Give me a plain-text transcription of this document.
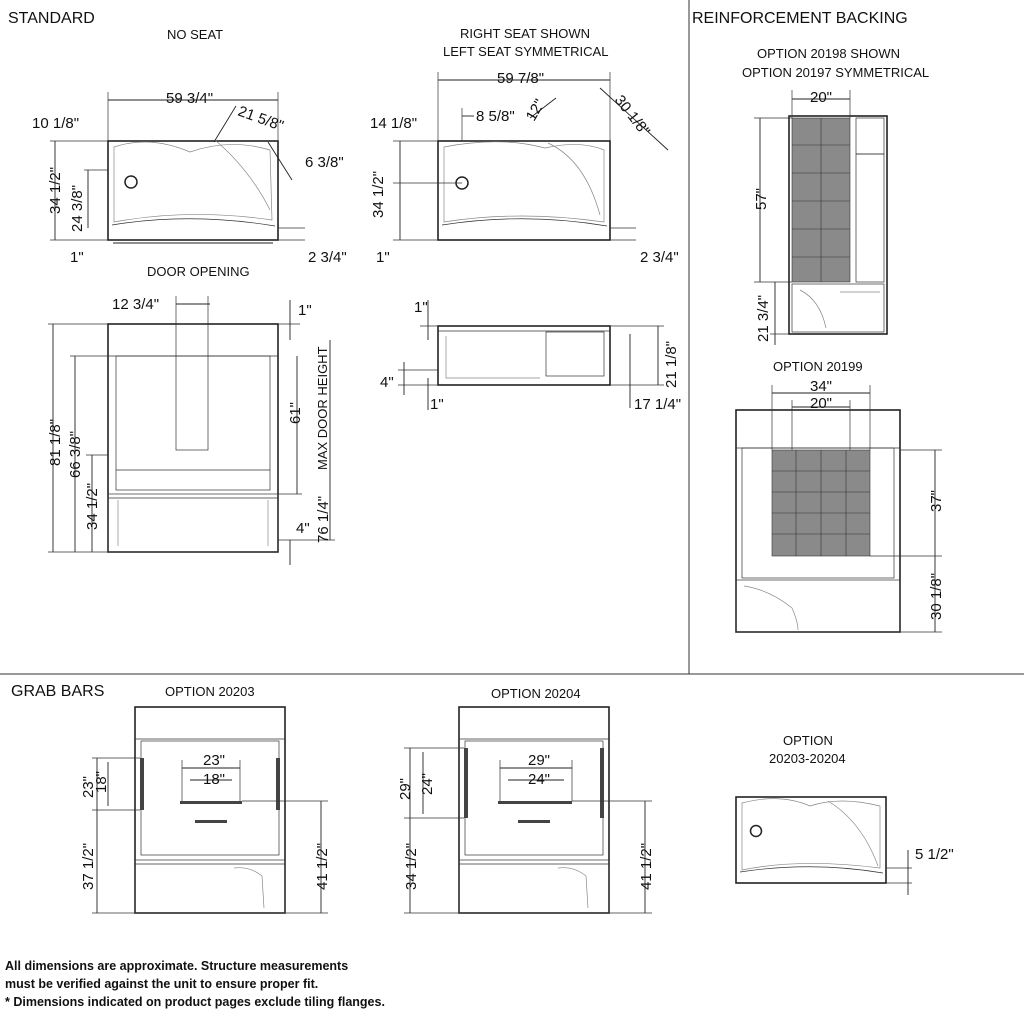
STANDARD	REINFORCEMENT BACKING
GRAB BARS
NO SEAT
59 3/4"
21 5/8"
6 3/8"
10 1/8"
34 1/2" 24 3/8"
1"
DOOR OPENING
2 3/4"
RIGHT SEAT SHOWN
LEFT SEAT SYMMETRICAL
59 7/8"
8 5/8" 12"	30 1/8"
14 1/8"
34 1/2"
1"	2 3/4"
12 3/4"	1"
81 1/8" 66 3/8"
34 1/2"
61"
76 1/4"
MAX DOOR HEIGHT
4"
1"
4"
1"
21 1/8"
17 1/4"
OPTION 20198 SHOWN
OPTION 20197 SYMMETRICAL
20"
57"
21 3/4"
OPTION 20199
34"
20"
37"
30 1/8"
OPTION 20203
23"
18"
23"
18"
37 1/2"	41 1/2"
OPTION 20204
29"
24"
29" 24"
34 1/2"	41 1/2"
OPTION
20203-20204
5 1/2"
All dimensions are approximate. Structure measurements
must be verified against the unit to ensure proper fit.
* Dimensions indicated on product pages exclude tiling flanges.
